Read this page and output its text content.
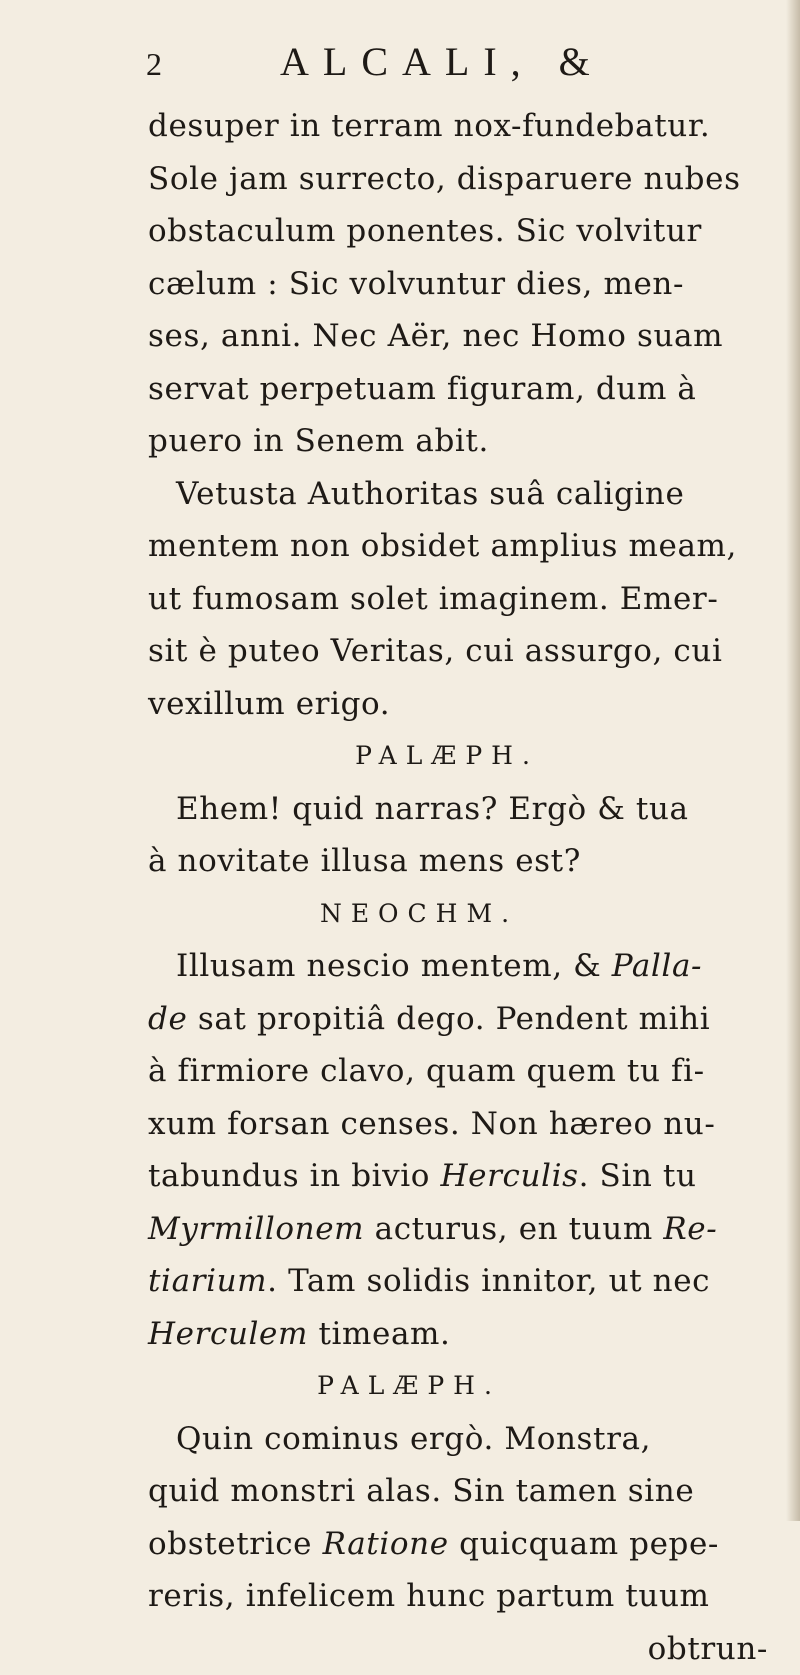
2	ALCALI, &
desuper in terram nox-fundebatur.
Sole jam surrecto, disparuere nubes
obstaculum ponentes. Sic volvitur
cælum : Sic volvuntur dies, men-
ses, anni. Nec Aër, nec Homo suam
servat perpetuam figuram, dum à
puero in Senem abit.
Vetusta Authoritas suâ caligine
mentem non obsidet amplius meam,
ut fumosam solet imaginem. Emer-
sit è puteo Veritas, cui assurgo, cui
vexillum erigo.
PALÆPH.
Ehem! quid narras? Ergò & tua
à novitate illusa mens est?
NEOCHM.
Illusam nescio mentem, & Palla-
de sat propitiâ dego. Pendent mihi
à firmiore clavo, quam quem tu fi-
xum forsan censes. Non hæreo nu-
tabundus in bivio Herculis. Sin tu
Myrmillonem acturus, en tuum Re-
tiarium. Tam solidis innitor, ut nec
Herculem timeam.
PALÆPH.
Quin cominus ergò. Monstra,
quid monstri alas. Sin tamen sine
obstetrice Ratione quicquam pepe-
reris, infelicem hunc partum tuum
obtrun-
